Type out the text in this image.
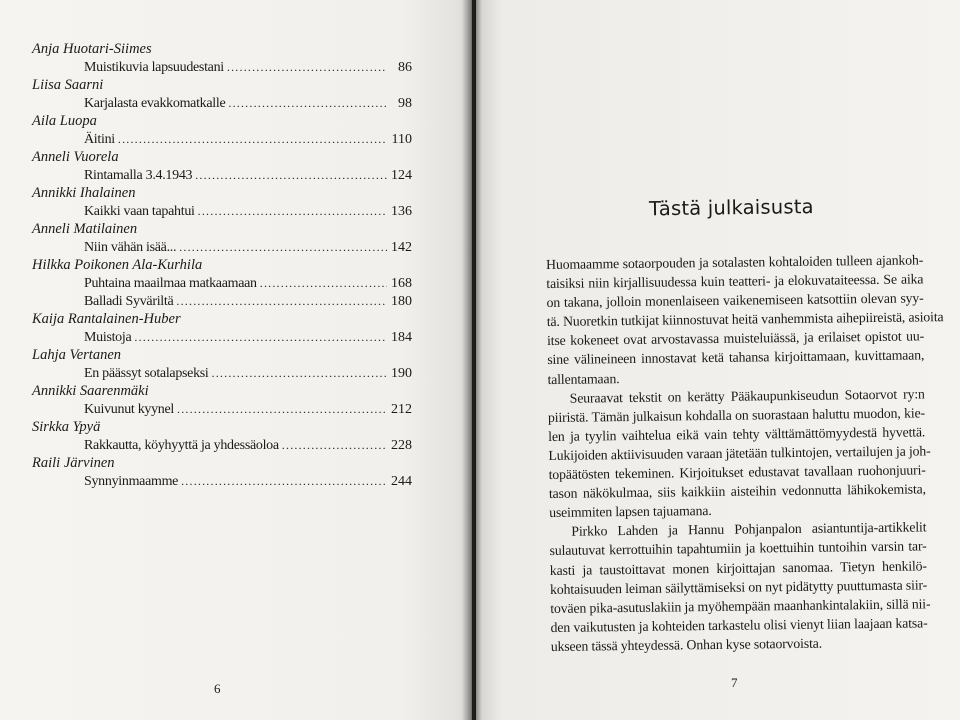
Anja Huotari-Siimes
Muistikuvia lapsuudestani .....	86
Liisa Saarni
Karjalasta evakkomatkalle .....	98
Aila Luopa
Äitini .....	110
Anneli Vuorela
Rintamalla 3.4.1943 .....	124
Annikki Ihalainen
Kaikki vaan tapahtui .....	136
Anneli Matilainen
Niin vähän isää... .....	142
Hilkka Poikonen Ala-Kurhila
Puhtaina maailmaa matkaamaan .....	168
Balladi Syväriltä .....	180
Kaija Rantalainen-Huber
Muistoja .....	184
Lahja Vertanen
En päässyt sotalapseksi .....	190
Annikki Saarenmäki
Kuivunut kyynel .....	212
Sirkka Ypyä
Rakkautta, köyhyyttä ja yhdessäoloa .....	228
Raili Järvinen
Synnyinmaamme .....	244
6
Tästä julkaisusta
Huomaamme sotaorpouden ja sotalasten kohtaloiden tulleen ajankoh-
taisiksi niin kirjallisuudessa kuin teatteri- ja elokuvataiteessa. Se aika
on takana, jolloin monenlaiseen vaikenemiseen katsottiin olevan syy-
tä. Nuoretkin tutkijat kiinnostuvat heitä vanhemmista aihepiireistä, asioita
itse kokeneet ovat arvostavassa muisteluiässä, ja erilaiset opistot uu-
sine välineineen innostavat ketä tahansa kirjoittamaan, kuvittamaan,
tallentamaan.
Seuraavat tekstit on kerätty Pääkaupunkiseudun Sotaorvot ry:n
piiristä. Tämän julkaisun kohdalla on suorastaan haluttu muodon, kie-
len ja tyylin vaihtelua eikä vain tehty välttämättömyydestä hyvettä.
Lukijoiden aktiivisuuden varaan jätetään tulkintojen, vertailujen ja joh-
topäätösten tekeminen. Kirjoitukset edustavat tavallaan ruohonjuuri-
tason näkökulmaa, siis kaikkiin aisteihin vedonnutta lähikokemista,
useimmiten lapsen tajuamana.
Pirkko Lahden ja Hannu Pohjanpalon asiantuntija-artikkelit
sulautuvat kerrottuihin tapahtumiin ja koettuihin tuntoihin varsin tar-
kasti ja taustoittavat monen kirjoittajan sanomaa. Tietyn henkilö-
kohtaisuuden leiman säilyttämiseksi on nyt pidätytty puuttumasta siir-
toväen pika-asutuslakiin ja myöhempään maanhankintalakiin, sillä nii-
den vaikutusten ja kohteiden tarkastelu olisi vienyt liian laajaan katsa-
ukseen tässä yhteydessä. Onhan kyse sotaorvoista.
7
